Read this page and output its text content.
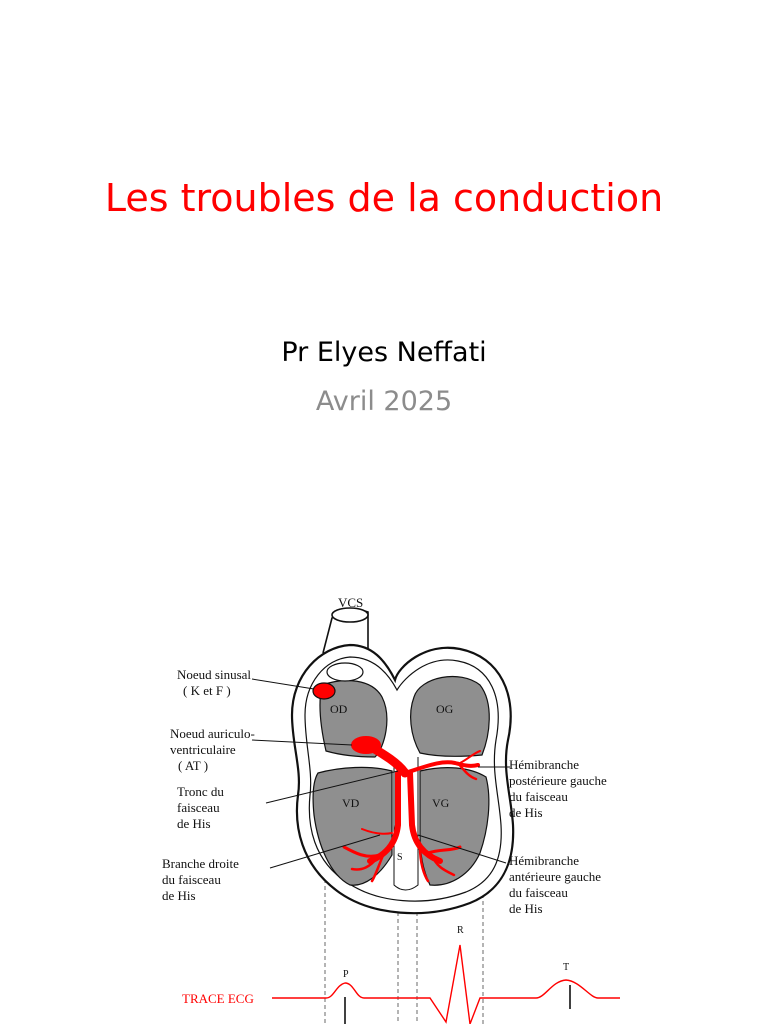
Les troubles de la conduction
Pr Elyes Neffati
Avril 2025
OD	OG
VD	VG
S
VCS
Noeud sinusal ( K et F )
Noeud auriculo- ventriculaire ( AT )
Tronc du faisceau de His
Branche droite du faisceau de His
Hémibranche postérieure gauche du faisceau de His
Hémibranche antérieure gauche du faisceau de His
TRACE ECG
P
R
T
